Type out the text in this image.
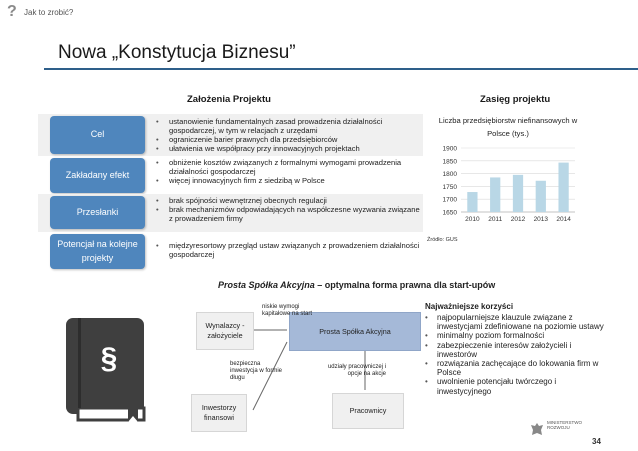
? Jak to zrobić?
Nowa „Konstytucja Biznesu”
Założenia Projektu	Zasięg projektu
Cel
• ustanowienie fundamentalnych zasad prowadzenia działalności gospodarczej, w tym w relacjach z urzędami
• ograniczenie barier prawnych dla przedsiębiorców
• ułatwienia we współpracy przy innowacyjnych projektach
Zakładany efekt
• obniżenie kosztów związanych z formalnymi wymogami prowadzenia działalności gospodarczej
• więcej innowacyjnych firm z siedzibą w Polsce
Przesłanki
• brak spójności wewnętrznej obecnych regulacji
• brak mechanizmów odpowiadających na współczesne wyzwania związane z prowadzeniem firmy
Potencjał na kolejne projekty
• międzyresortowy przegląd ustaw związanych z prowadzeniem działalności gospodarczej
Liczba przedsiębiorstw niefinansowych w Polsce (tys.)
1650
1700
1750
1800
1850
1900
2010 2011 2012 2013 2014
Źródło: GUS
Prosta Spółka Akcyjna – optymalna forma prawna dla start-upów
§
Wynalazcy - założyciele	Prosta Spółka Akcyjna
Inwestorzy finansowi
Pracownicy
niskie wymogi kapitałowe na start
bezpieczna inwestycja w formie długu
udziały pracowniczej i opcje na akcje
Najważniejsze korzyści
• najpopularniejsze klauzule związane z inwestycjami zdefiniowane na poziomie ustawy
• minimalny poziom formalności
• zabezpieczenie interesów założycieli i inwestorów
• rozwiązania zachęcające do lokowania firm w Polsce
• uwolnienie potencjału twórczego i inwestycyjnego
MINISTERSTWO ROZWOJU
34
